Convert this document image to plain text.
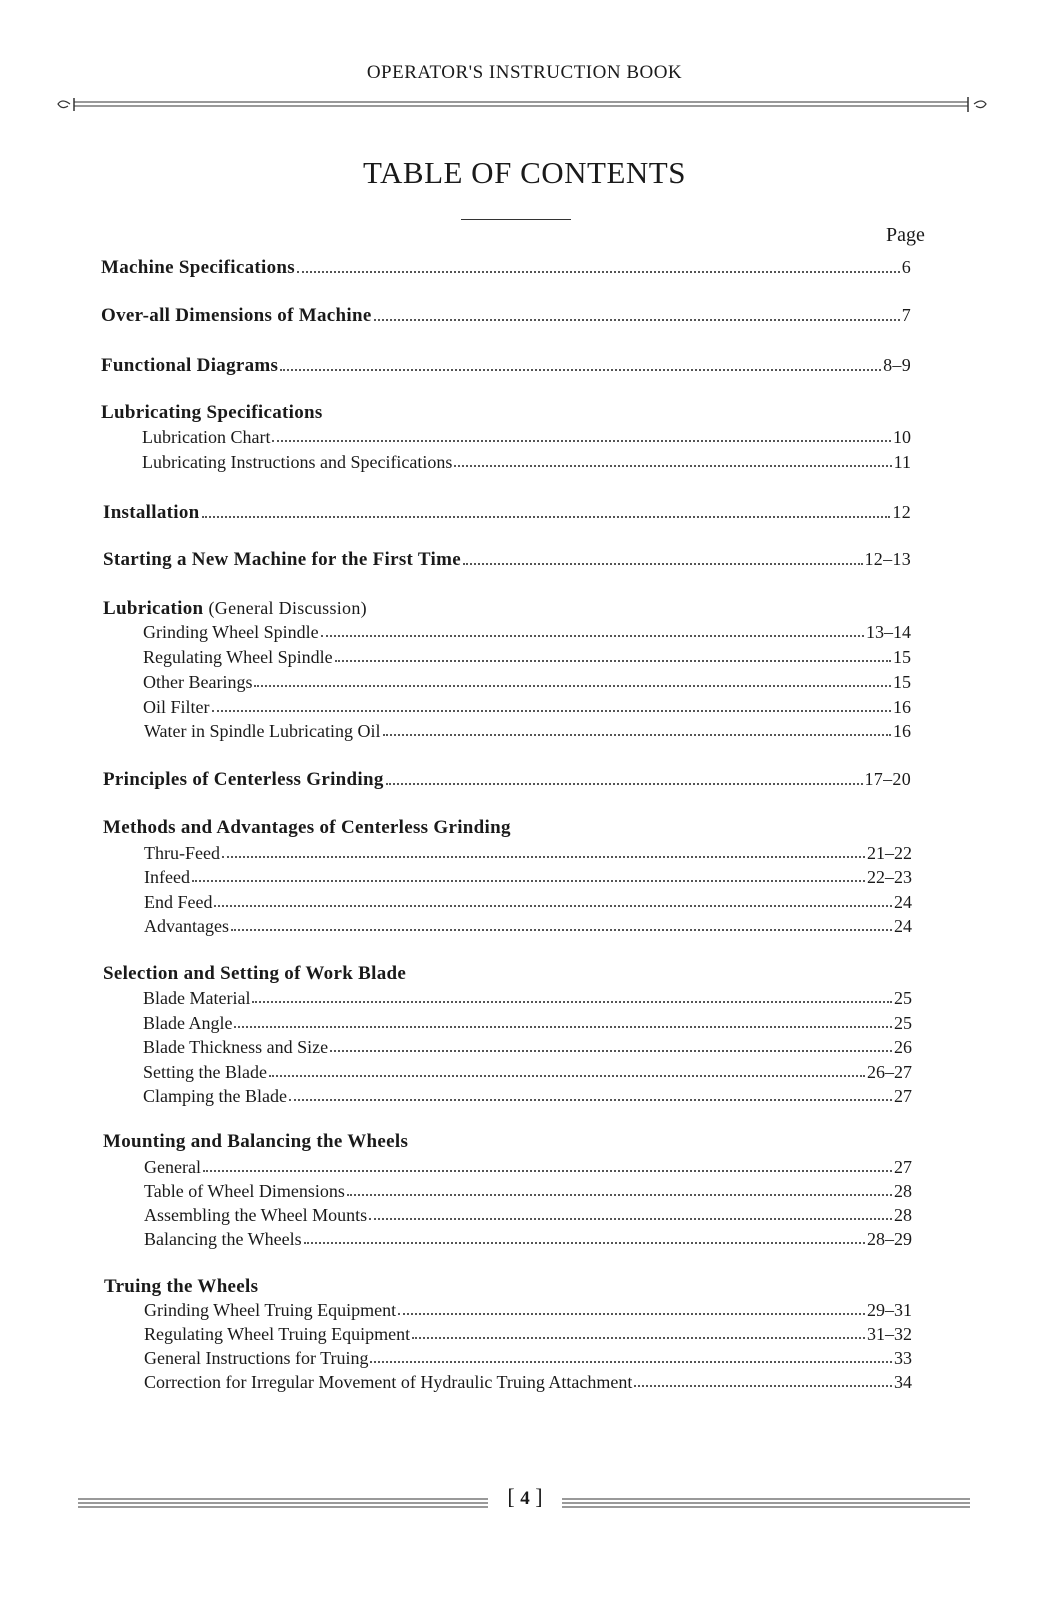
OPERATOR'S INSTRUCTION BOOK
TABLE OF CONTENTS
Page
Machine Specifications	6
Over-all Dimensions of Machine	7
Functional Diagrams	8–9
Lubricating Specifications
Lubrication Chart	10
Lubricating Instructions and Specifications	11
Installation	12
Starting a New Machine for the First Time	12–13
Lubrication (General Discussion)
Grinding Wheel Spindle	13–14
Regulating Wheel Spindle	15
Other Bearings	15
Oil Filter	16
Water in Spindle Lubricating Oil	16
Principles of Centerless Grinding	17–20
Methods and Advantages of Centerless Grinding
Thru-Feed	21–22
Infeed	22–23
End Feed	24
Advantages	24
Selection and Setting of Work Blade
Blade Material	25
Blade Angle	25
Blade Thickness and Size	26
Setting the Blade	26–27
Clamping the Blade	27
Mounting and Balancing the Wheels
General	27
Table of Wheel Dimensions	28
Assembling the Wheel Mounts	28
Balancing the Wheels	28–29
Truing the Wheels
Grinding Wheel Truing Equipment	29–31
Regulating Wheel Truing Equipment	31–32
General Instructions for Truing	33
Correction for Irregular Movement of Hydraulic Truing Attachment	34
[ 4 ]
